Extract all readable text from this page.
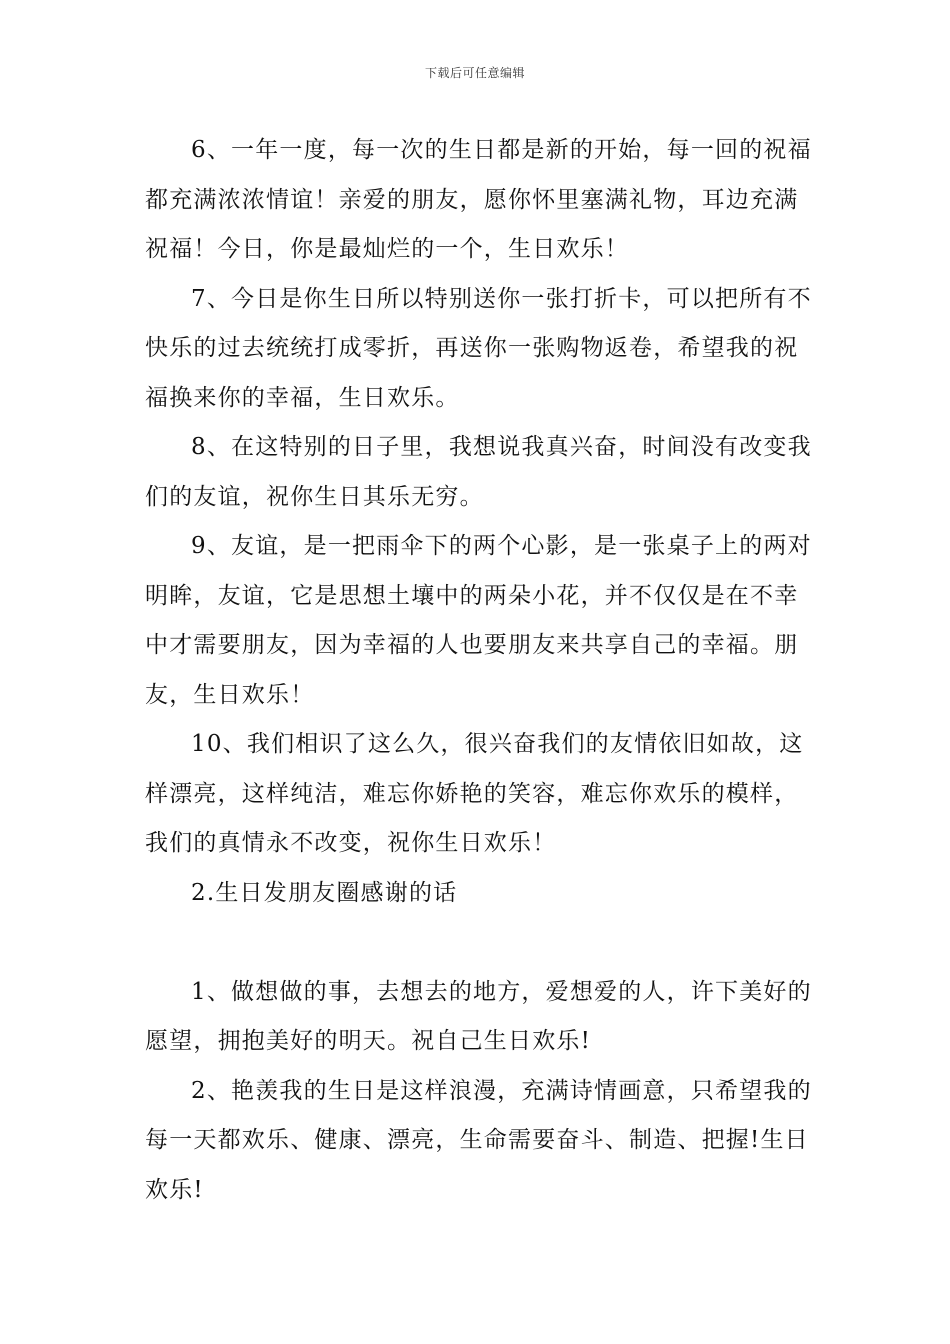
下载后可任意编辑

6、一年一度，每一次的生日都是新的开始，每一回的祝福都充满浓浓情谊！亲爱的朋友，愿你怀里塞满礼物，耳边充满祝福！今日，你是最灿烂的一个，生日欢乐！

7、今日是你生日所以特别送你一张打折卡，可以把所有不快乐的过去统统打成零折，再送你一张购物返卷，希望我的祝福换来你的幸福，生日欢乐。

8、在这特别的日子里，我想说我真兴奋，时间没有改变我们的友谊，祝你生日其乐无穷。

9、友谊，是一把雨伞下的两个心影，是一张桌子上的两对明眸，友谊，它是思想土壤中的两朵小花，并不仅仅是在不幸中才需要朋友，因为幸福的人也要朋友来共享自己的幸福。朋友，生日欢乐！

10、我们相识了这么久，很兴奋我们的友情依旧如故，这样漂亮，这样纯洁，难忘你娇艳的笑容，难忘你欢乐的模样，我们的真情永不改变，祝你生日欢乐！

2.生日发朋友圈感谢的话

1、做想做的事，去想去的地方，爱想爱的人，许下美好的愿望，拥抱美好的明天。祝自己生日欢乐!

2、艳羡我的生日是这样浪漫，充满诗情画意，只希望我的每一天都欢乐、健康、漂亮，生命需要奋斗、制造、把握!生日欢乐!
